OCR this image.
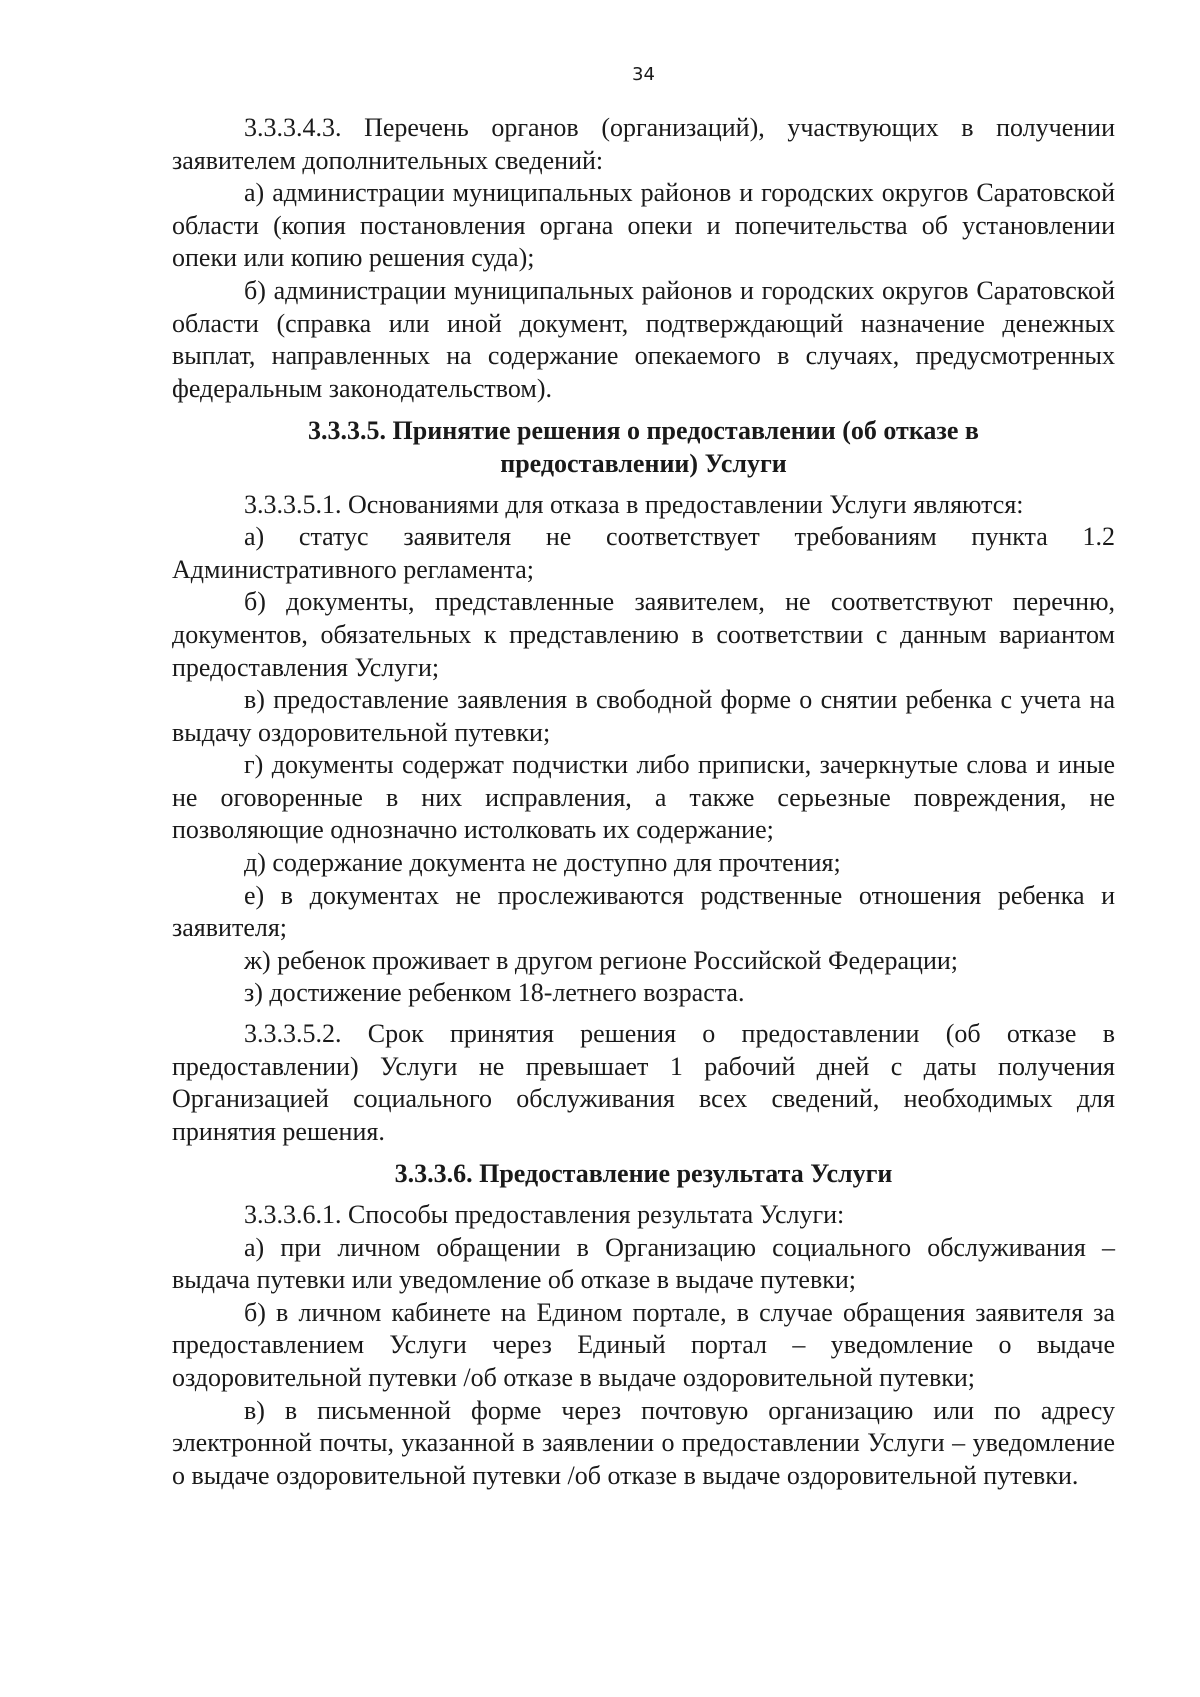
34

3.3.3.4.3. Перечень органов (организаций), участвующих в получении заявителем дополнительных сведений:

а) администрации муниципальных районов и городских округов Саратовской области (копия постановления органа опеки и попечительства об установлении опеки или копию решения суда);

б) администрации муниципальных районов и городских округов Саратовской области (справка или иной документ, подтверждающий назначение денежных выплат, направленных на содержание опекаемого в случаях, предусмотренных федеральным законодательством).

3.3.3.5. Принятие решения о предоставлении (об отказе в предоставлении) Услуги

3.3.3.5.1. Основаниями для отказа в предоставлении Услуги являются:

а) статус заявителя не соответствует требованиям пункта 1.2 Административного регламента;

б) документы, представленные заявителем, не соответствуют перечню, документов, обязательных к представлению в соответствии с данным вариантом предоставления Услуги;

в) предоставление заявления в свободной форме о снятии ребенка с учета на выдачу оздоровительной путевки;

г) документы содержат подчистки либо приписки, зачеркнутые слова и иные не оговоренные в них исправления, а также серьезные повреждения, не позволяющие однозначно истолковать их содержание;

д) содержание документа не доступно для прочтения;

е) в документах не прослеживаются родственные отношения ребенка и заявителя;

ж) ребенок проживает в другом регионе Российской Федерации;

з) достижение ребенком 18-летнего возраста.

3.3.3.5.2. Срок принятия решения о предоставлении (об отказе в предоставлении) Услуги не превышает 1 рабочий дней с даты получения Организацией социального обслуживания всех сведений, необходимых для принятия решения.

3.3.3.6. Предоставление результата Услуги

3.3.3.6.1. Способы предоставления результата Услуги:

а) при личном обращении в Организацию социального обслуживания – выдача путевки или уведомление об отказе в выдаче путевки;

б) в личном кабинете на Едином портале, в случае обращения заявителя за предоставлением Услуги через Единый портал – уведомление о выдаче оздоровительной путевки /об отказе в выдаче оздоровительной путевки;

в) в письменной форме через почтовую организацию или по адресу электронной почты, указанной в заявлении о предоставлении Услуги – уведомление о выдаче оздоровительной путевки /об отказе в выдаче оздоровительной путевки.
